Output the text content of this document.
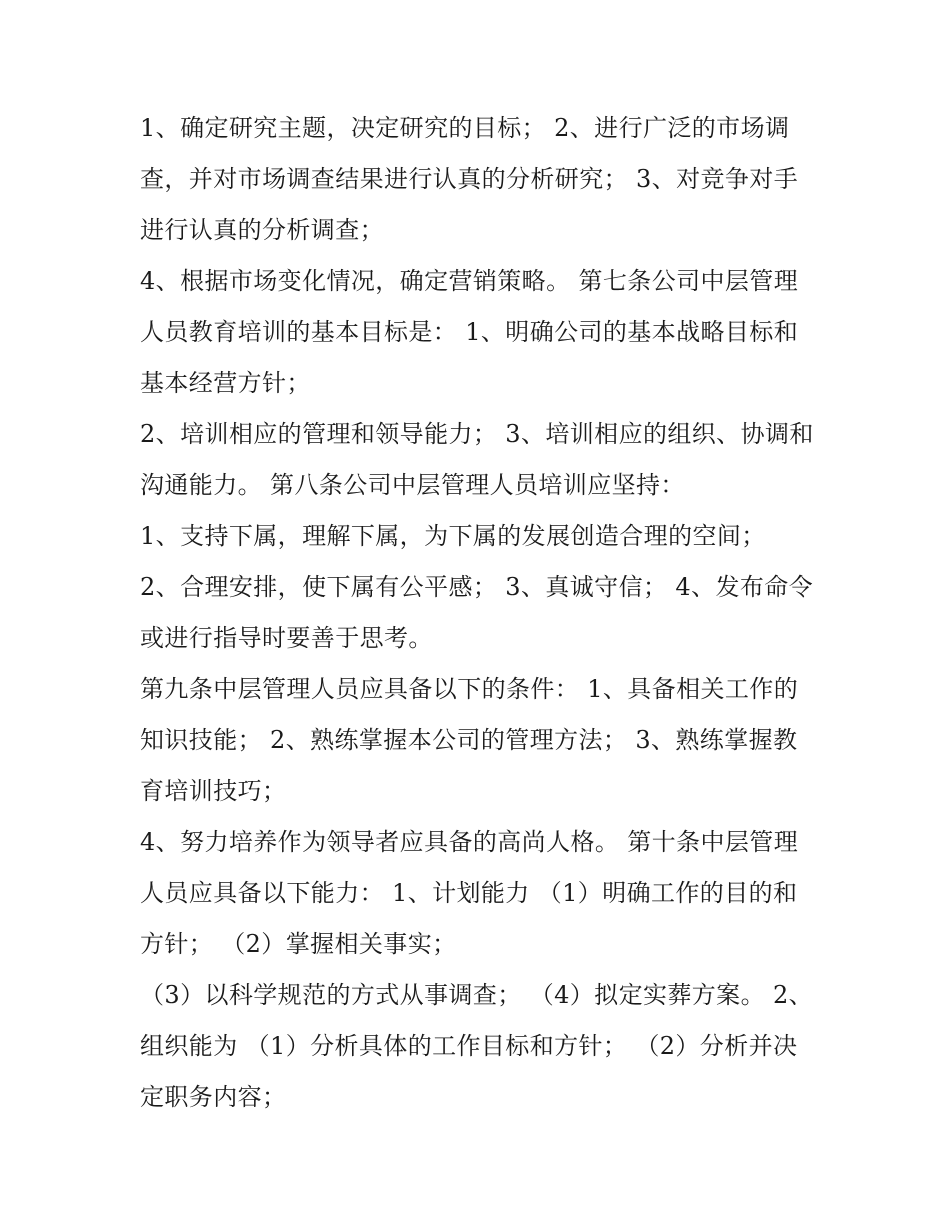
1、确定研究主题，决定研究的目标； 2、进行广泛的市场调查，并对市场调查结果进行认真的分析研究； 3、对竞争对手进行认真的分析调查；

4、根据市场变化情况，确定营销策略。 第七条公司中层管理人员教育培训的基本目标是： 1、明确公司的基本战略目标和基本经营方针；

2、培训相应的管理和领导能力； 3、培训相应的组织、协调和沟通能力。 第八条公司中层管理人员培训应坚持：

1、支持下属，理解下属，为下属的发展创造合理的空间；

2、合理安排，使下属有公平感； 3、真诚守信； 4、发布命令或进行指导时要善于思考。

第九条中层管理人员应具备以下的条件： 1、具备相关工作的知识技能； 2、熟练掌握本公司的管理方法； 3、熟练掌握教育培训技巧；

4、努力培养作为领导者应具备的高尚人格。 第十条中层管理人员应具备以下能力： 1、计划能力 （1）明确工作的目的和方针； （2）掌握相关事实；

（3）以科学规范的方式从事调查； （4）拟定实葬方案。 2、组织能为 （1）分析具体的工作目标和方针； （2）分析并决定职务内容；
